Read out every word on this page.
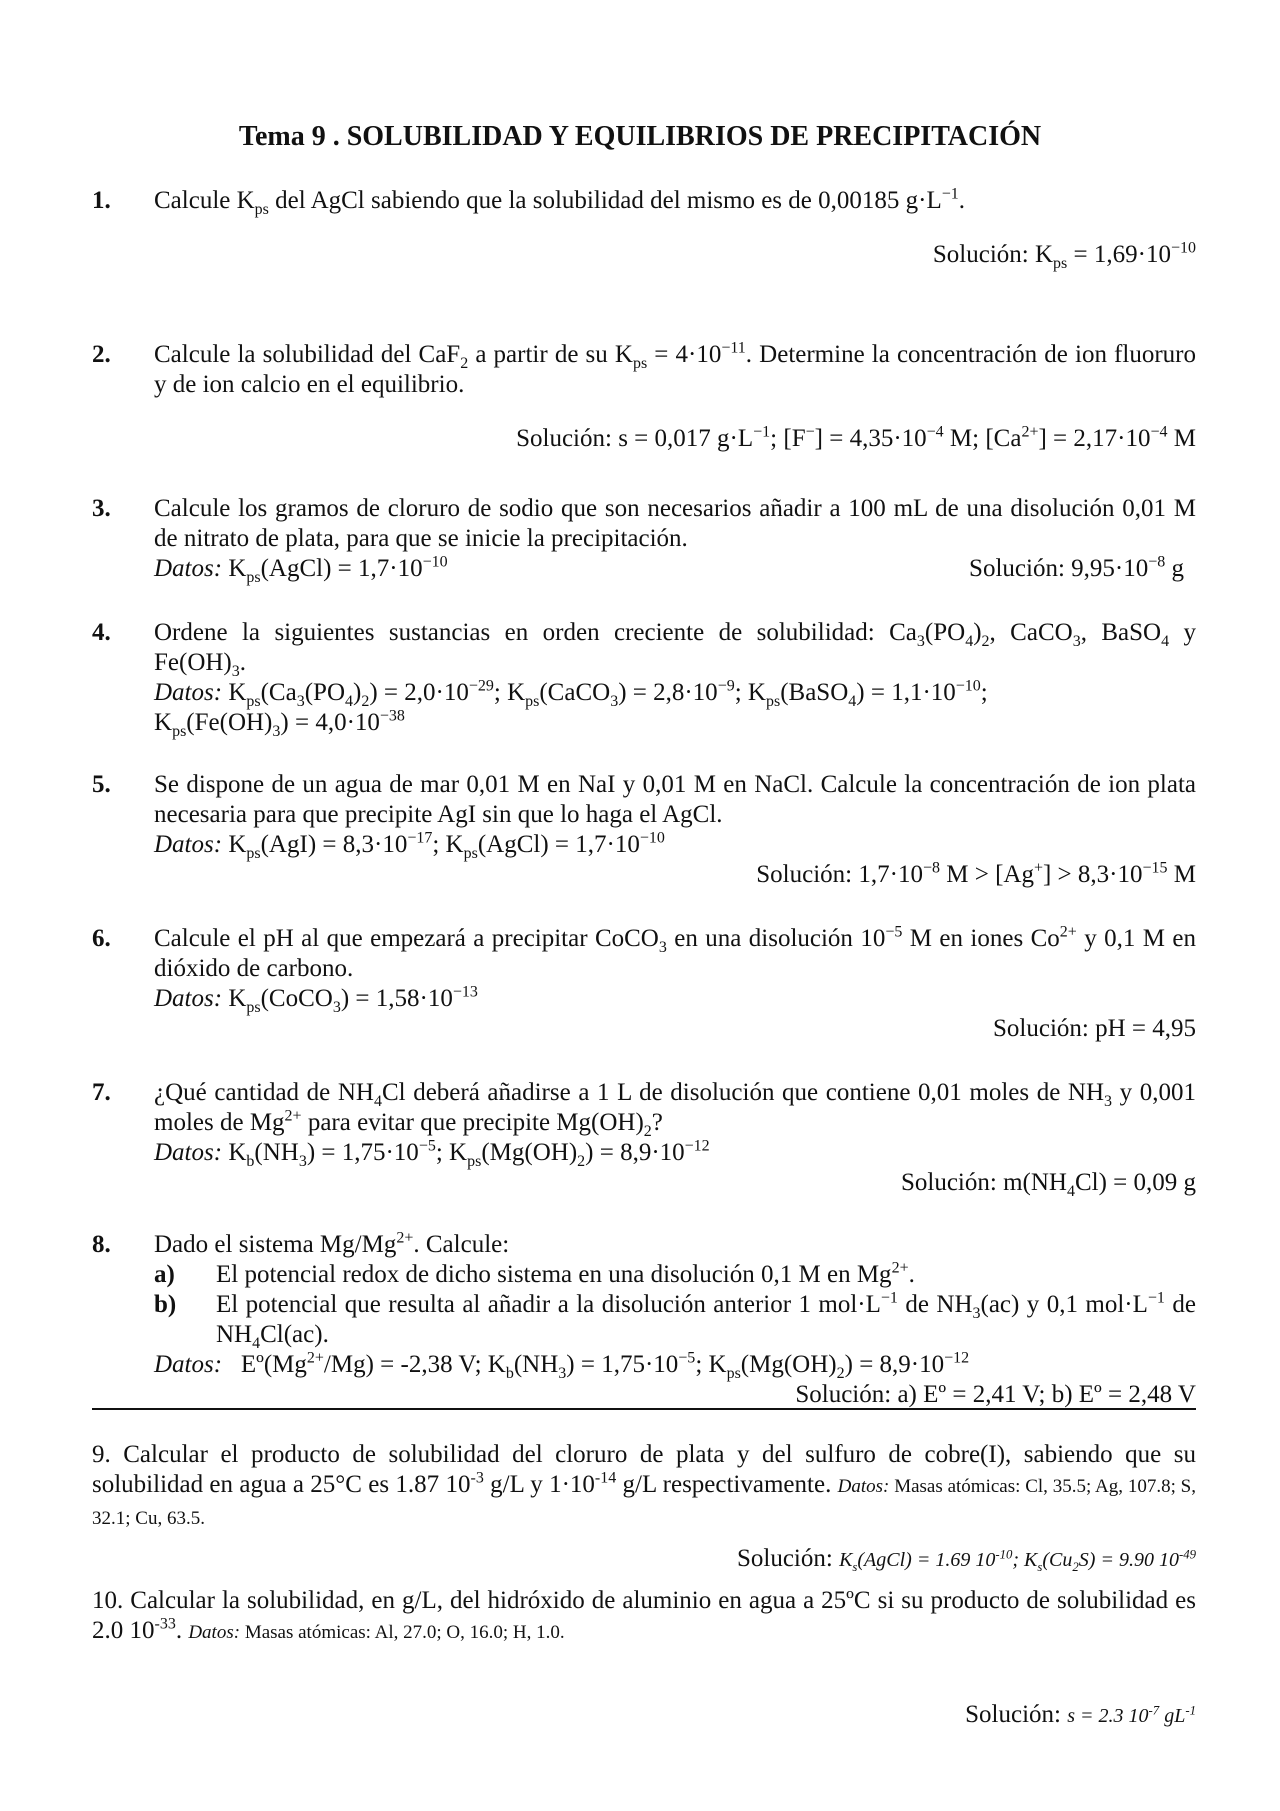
Tema 9 . SOLUBILIDAD Y EQUILIBRIOS DE PRECIPITACIÓN
1. Calcule $K_{ps}$ del AgCl sabiendo que la solubilidad del mismo es de 0,00185 $g\cdot L^{-1}$.

Solución: $K_{ps} = 1,69\cdot 10^{-10}$

2. Calcule la solubilidad del CaF$_2$ a partir de su $K_{ps} = 4\cdot 10^{-11}$. Determine la concentración de ion fluoruro y de ion calcio en el equilibrio.

Solución: s = 0,017 $g\cdot L^{-1}$; $[F^-] = 4,35\cdot 10^{-4}$ M; $[Ca^{2+}] = 2,17\cdot 10^{-4}$ M

3. Calcule los gramos de cloruro de sodio que son necesarios añadir a 100 mL de una disolución 0,01 M de nitrato de plata, para que se inicie la precipitación.

Datos: $K_{ps}(AgCl) = 1,7\cdot 10^{-10}$	Solución: $9,95\cdot 10^{-8}$ g
4. Ordene la siguientes sustancias en orden creciente de solubilidad: $Ca_3(PO_4)_2$, CaCO$_3$, BaSO$_4$ y $Fe(OH)_3$.

Datos: $K_{ps}(Ca_3(PO_4)_2) = 2,0\cdot 10^{-29}$; $K_{ps}(CaCO_3) = 2,8\cdot 10^{-9}$; $K_{ps}(BaSO_4) = 1,1\cdot 10^{-10}$;

$K_{ps}(Fe(OH)_3) = 4,0\cdot 10^{-38}$

5. Se dispone de un agua de mar 0,01 M en NaI y 0,01 M en NaCl. Calcule la concentración de ion plata necesaria para que precipite AgI sin que lo haga el AgCl.

Datos: $K_{ps}(AgI) = 8,3\cdot 10^{-17}$; $K_{ps}(AgCl) = 1,7\cdot 10^{-10}$

Solución: $1,7\cdot 10^{-8}$ $M > [Ag^+] > 8,3\cdot 10^{-15}$ M

6. Calcule el pH al que empezará a precipitar CoCO$_3$ en una disolución $10^{-5}$ M en iones $Co^{2+}$ y 0,1 M en dióxido de carbono.

Datos: $K_{ps}(CoCO_3) = 1,58\cdot 10^{-13}$

Solución: pH = 4,95

7. ¿Qué cantidad de $NH_4Cl$ deberá añadirse a 1 L de disolución que contiene 0,01 moles de $NH_3$ y 0,001 moles de $Mg^{2+}$ para evitar que precipite $Mg(OH)_2$?

Datos: $K_b(NH_3) = 1,75\cdot 10^{-5}$; $K_{ps}(Mg(OH)_2) = 8,9\cdot 10^{-12}$

Solución: $m(NH_4Cl) = 0,09$ g

8. Dado el sistema $Mg/Mg^{2+}$. Calcule:

a) El potencial redox de dicho sistema en una disolución 0,1 M en $Mg^{2+}$.
b) El potencial que resulta al añadir a la disolución anterior 1 $mol\cdot L^{-1}$ de $NH_3(ac)$ y 0,1 $mol\cdot L^{-1}$ de $NH_4Cl(ac)$.

Datos:   $Eº(Mg^{2+}/Mg) = -2,38$ V; $K_b(NH_3) = 1,75\cdot 10^{-5}$; $K_{ps}(Mg(OH)_2) = 8,9\cdot 10^{-12}$

Solución: a) Eº = 2,41 V; b) Eº = 2,48 V

9. Calcular el producto de solubilidad del cloruro de plata y del sulfuro de cobre(I), sabiendo que su solubilidad en agua a 25°C es 1.87 $10^{-3}$ g/L y $1\cdot 10^{-14}$ g/L respectivamente. Datos: Masas atómicas: Cl, 35.5; Ag, 107.8; S, 32.1; Cu, 63.5.

Solución: $K_s(AgCl) = 1.69$ $10^{-10}$; $K_s(Cu_2S) = 9.90$ $10^{-49}$

10. Calcular la solubilidad, en g/L, del hidróxido de aluminio en agua a 25ºC si su producto de solubilidad es 2.0 $10^{-33}$. Datos: Masas atómicas: Al, 27.0; O, 16.0; H, 1.0.

Solución: s = 2.3 $10^{-7}$ $gL^{-1}$
